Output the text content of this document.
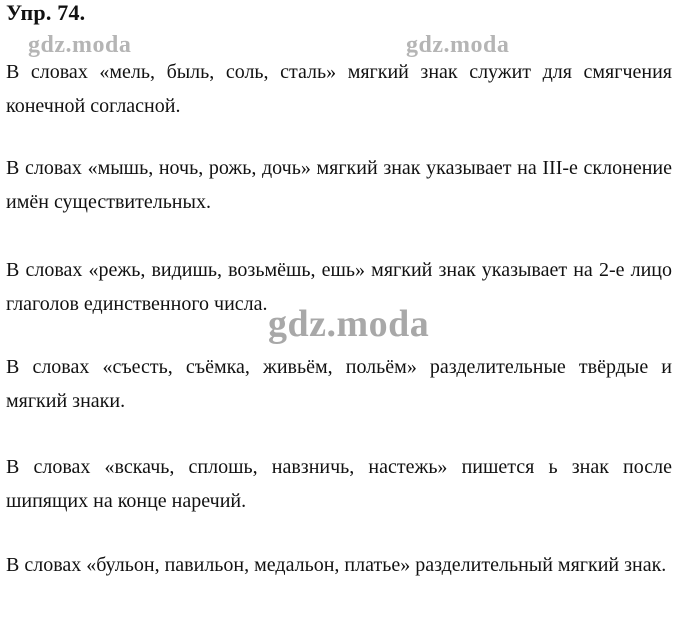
Упр. 74.
gdz.moda	gdz.moda

В словах «мель, быль, соль, сталь» мягкий знак служит для смягчения конечной согласной.

В словах «мышь, ночь, рожь, дочь» мягкий знак указывает на III-е склонение имён существительных.

В словах «режь, видишь, возьмёшь, ешь» мягкий знак указывает на 2-е лицо глаголов единственного числа.

В словах «съесть, съёмка, живьём, польём» разделительные твёрдые и мягкий знаки.

В словах «вскачь, сплошь, навзничь, настежь» пишется ь знак после шипящих на конце наречий.

В словах «бульон, павильон, медальон, платье» разделительный мягкий знак.

gdz.moda
